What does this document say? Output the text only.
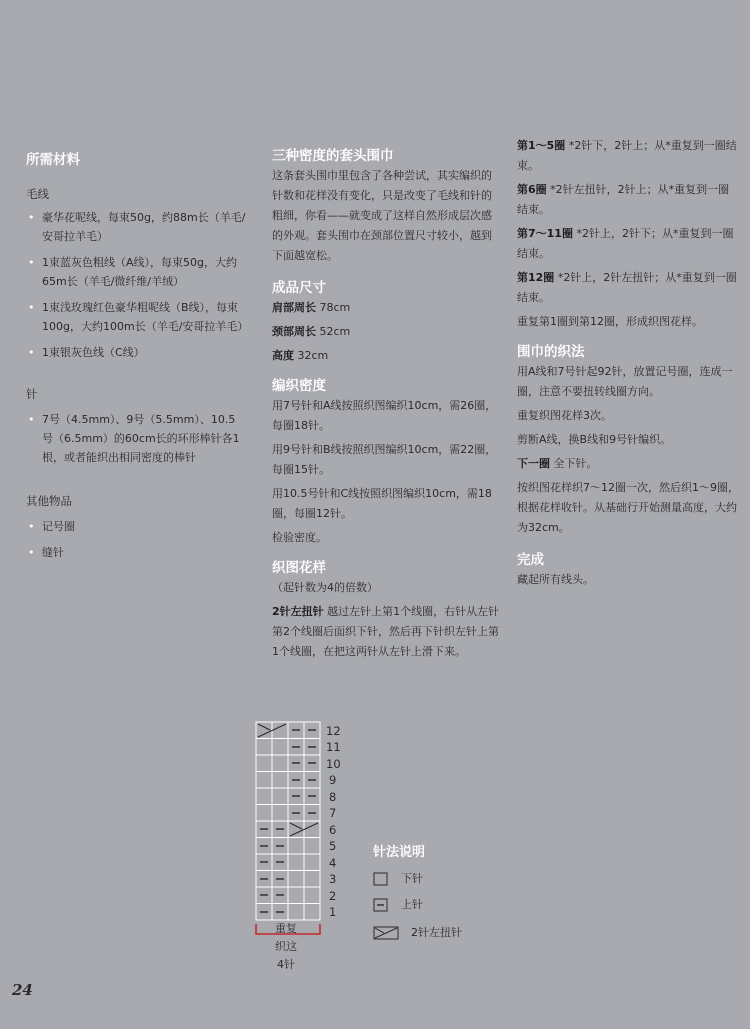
所需材料

毛线

• 豪华花呢线，每束50g，约88m长（羊毛/安哥拉羊毛）
• 1束蓝灰色粗线（A线），每束50g，大约65m长（羊毛/微纤维/羊绒）
• 1束浅玫瑰红色豪华粗呢线（B线），每束100g，大约100m长（羊毛/安哥拉羊毛）
• 1束银灰色线（C线）

针

• 7号（4.5mm）、9号（5.5mm）、10.5号（6.5mm）的60cm长的环形棒针各1根，或者能织出相同密度的棒针

其他物品

• 记号圈
• 缝针

三种密度的套头围巾

这条套头围巾里包含了各种尝试，其实编织的针数和花样没有变化，只是改变了毛线和针的粗细，你看——就变成了这样自然形成层次感的外观。套头围巾在颈部位置尺寸较小，越到下面越宽松。

成品尺寸

肩部周长 78cm

颈部周长 52cm

高度 32cm

编织密度

用7号针和A线按照织图编织10cm，需26圈，每圈18针。

用9号针和B线按照织图编织10cm，需22圈，每圈15针。

用10.5号针和C线按照织图编织10cm，需18圈，每圈12针。

检验密度。

织图花样

（起针数为4的倍数）

2针左扭针 越过左针上第1个线圈，右针从左针第2个线圈后面织下针，然后再下针织左针上第1个线圈，在把这两针从左针上滑下来。

第1～5圈 *2针下，2针上；从*重复到一圈结束。

第6圈 *2针左扭针，2针上；从*重复到一圈结束。

第7～11圈 *2针上，2针下；从*重复到一圈结束。

第12圈 *2针上，2针左扭针；从*重复到一圈结束。

重复第1圈到第12圈，形成织图花样。

围巾的织法

用A线和7号针起92针，放置记号圈，连成一圈，注意不要扭转线圈方向。

重复织图花样3次。

剪断A线，换B线和9号针编织。

下一圈 全下针。

按织图花样织7～12圈一次，然后织1～9圈，根据花样收针。从基础行开始测量高度，大约为32cm。

完成

藏起所有线头。

12
11
10
9
8
7
6
5
4
3
2
1
重复
织这
4针

针法说明

下针
上针
2针左扭针
24
